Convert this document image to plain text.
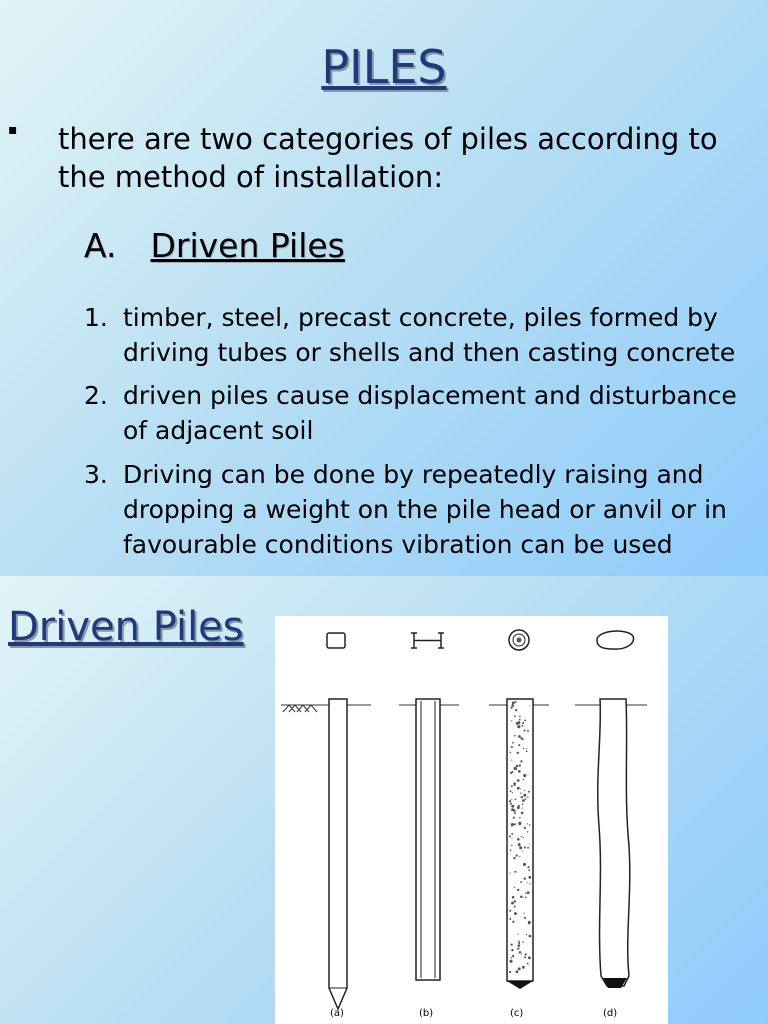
PILES
▪ there are two categories of piles according to the method of installation:

A. Driven Piles

1. timber, steel, precast concrete, piles formed by driving tubes or shells and then casting concrete

2. driven piles cause displacement and disturbance of adjacent soil

3. Driving can be done by repeatedly raising and dropping a weight on the pile head or anvil or in favourable conditions vibration can be used

Driven Piles
(a)	(b)	(c)	(d)
